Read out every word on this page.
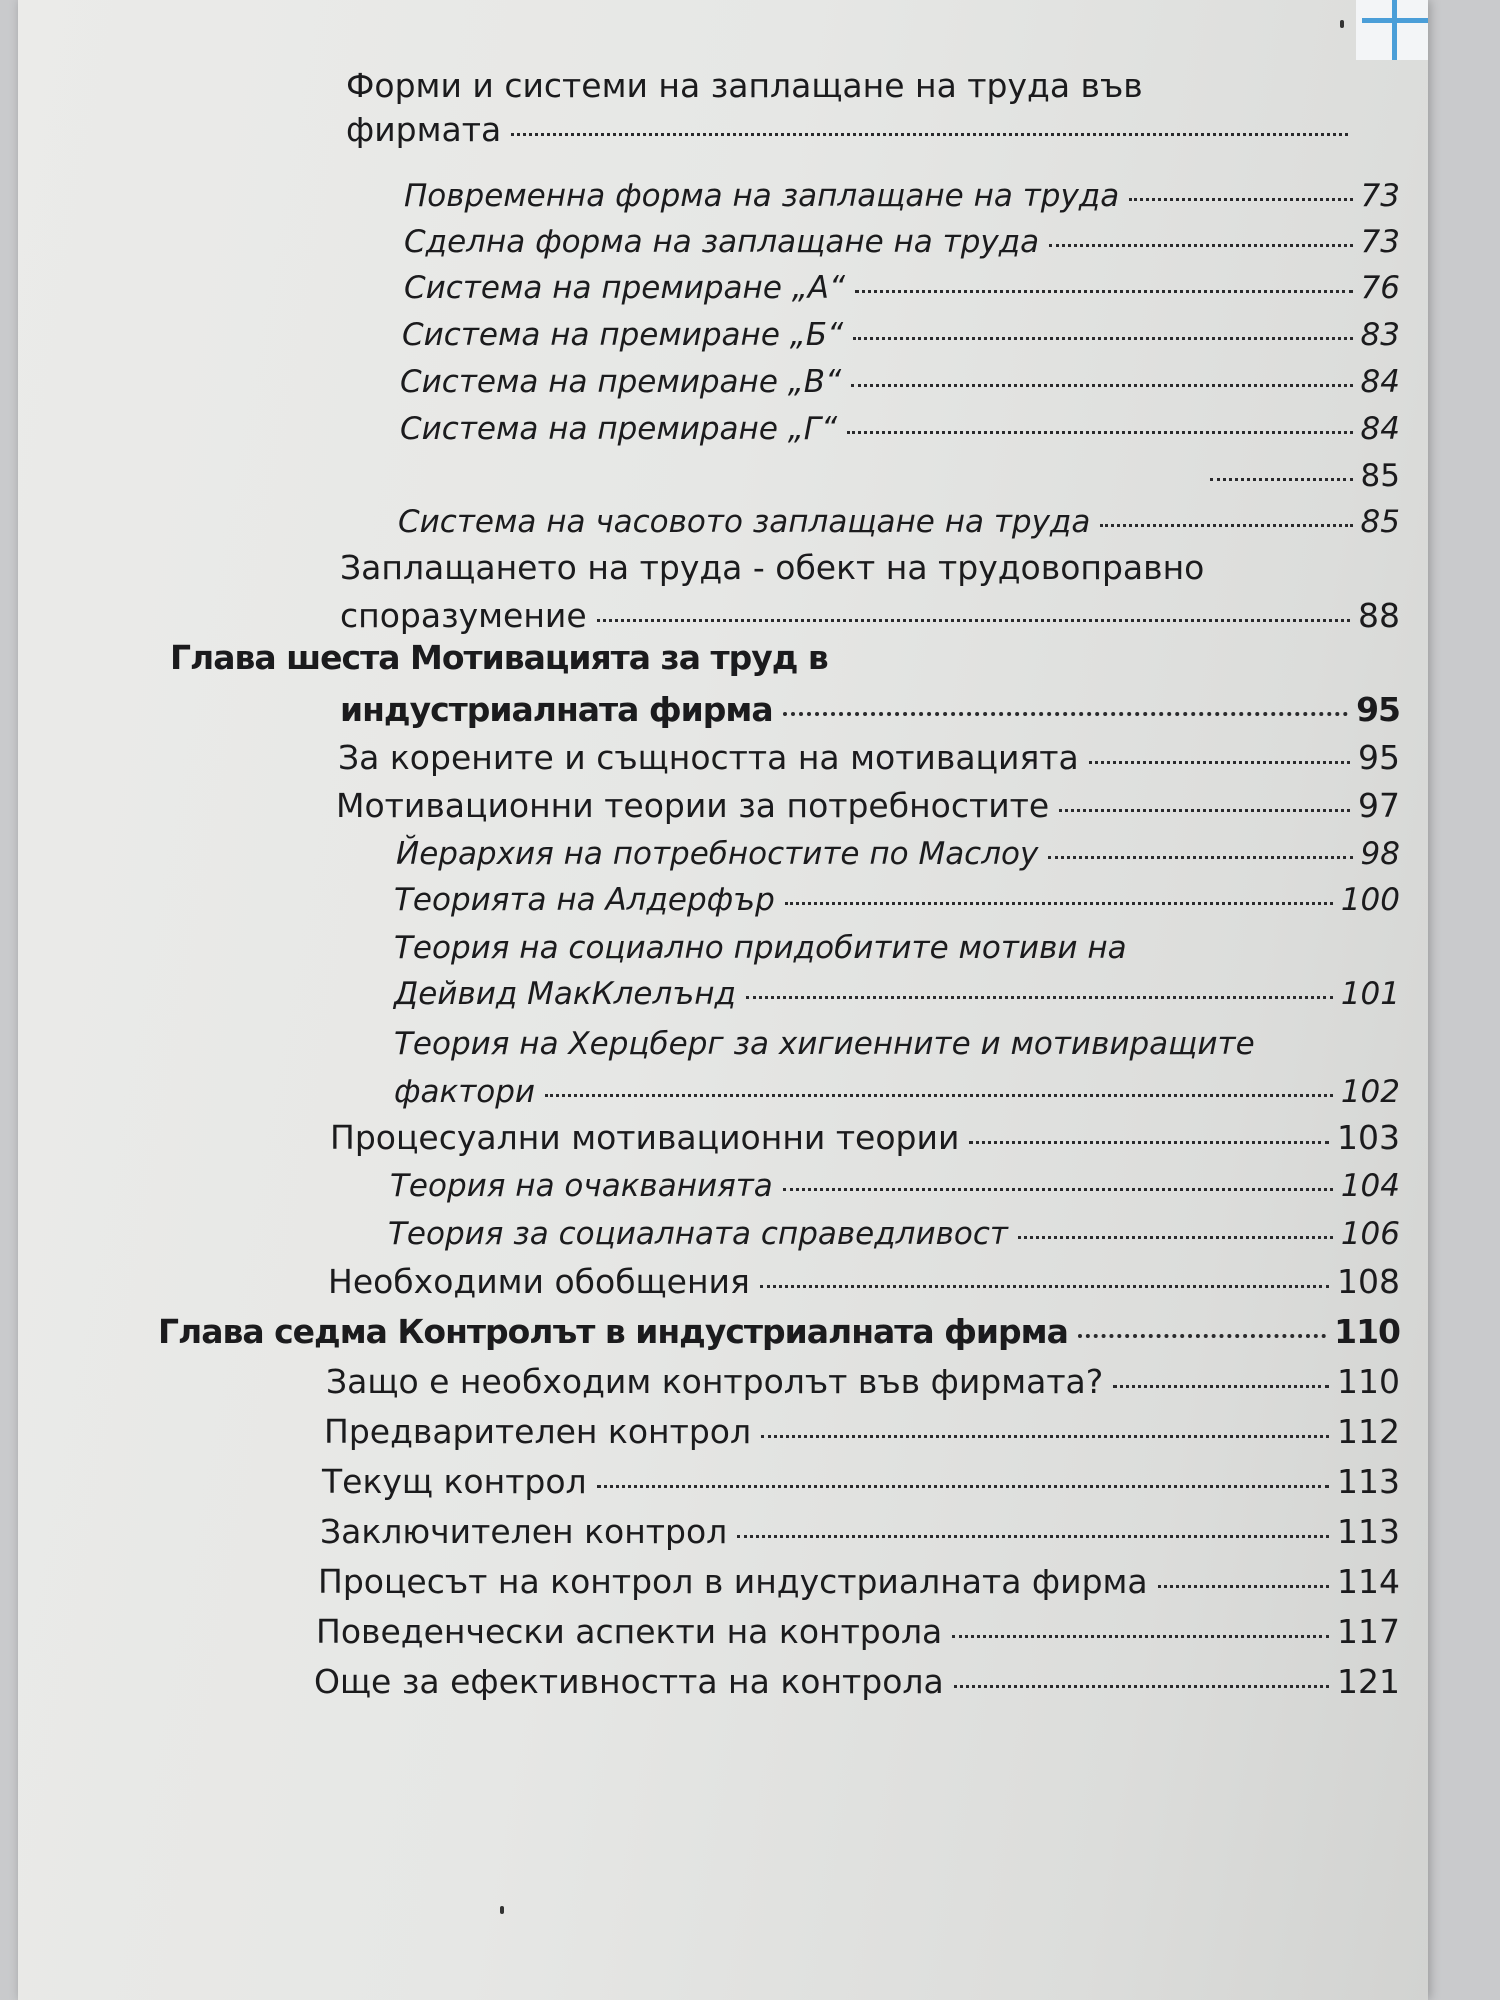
Форми и системи на заплащане на труда във
фирмата
Повременна форма на заплащане на труда	73
Сделна форма на заплащане на труда	73
Система на премиране „А“	76
Система на премиране „Б“	83
Система на премиране „В“	84
Система на премиране „Г“	84
85
Система на часовото заплащане на труда	85
Заплащането на труда - обект на трудовоправно
споразумение	88
Глава шеста Мотивацията за труд в
индустриалната фирма	95
За корените и същността на мотивацията	95
Мотивационни теории за потребностите	97
Йерархия на потребностите по Маслоу	98
Теорията на Алдерфър	100
Теория на социално придобитите мотиви на
Дейвид МакКлелънд	101
Теория на Херцберг за хигиенните и мотивиращите
фактори	102
Процесуални мотивационни теории	103
Теория на очакванията	104
Теория за социалната справедливост	106
Необходими обобщения	108
Глава седма Контролът в индустриалната фирма	110
Защо е необходим контролът във фирмата?	110
Предварителен контрол	112
Текущ контрол	113
Заключителен контрол	113
Процесът на контрол в индустриалната фирма	114
Поведенчески аспекти на контрола	117
Още за ефективността на контрола	121
